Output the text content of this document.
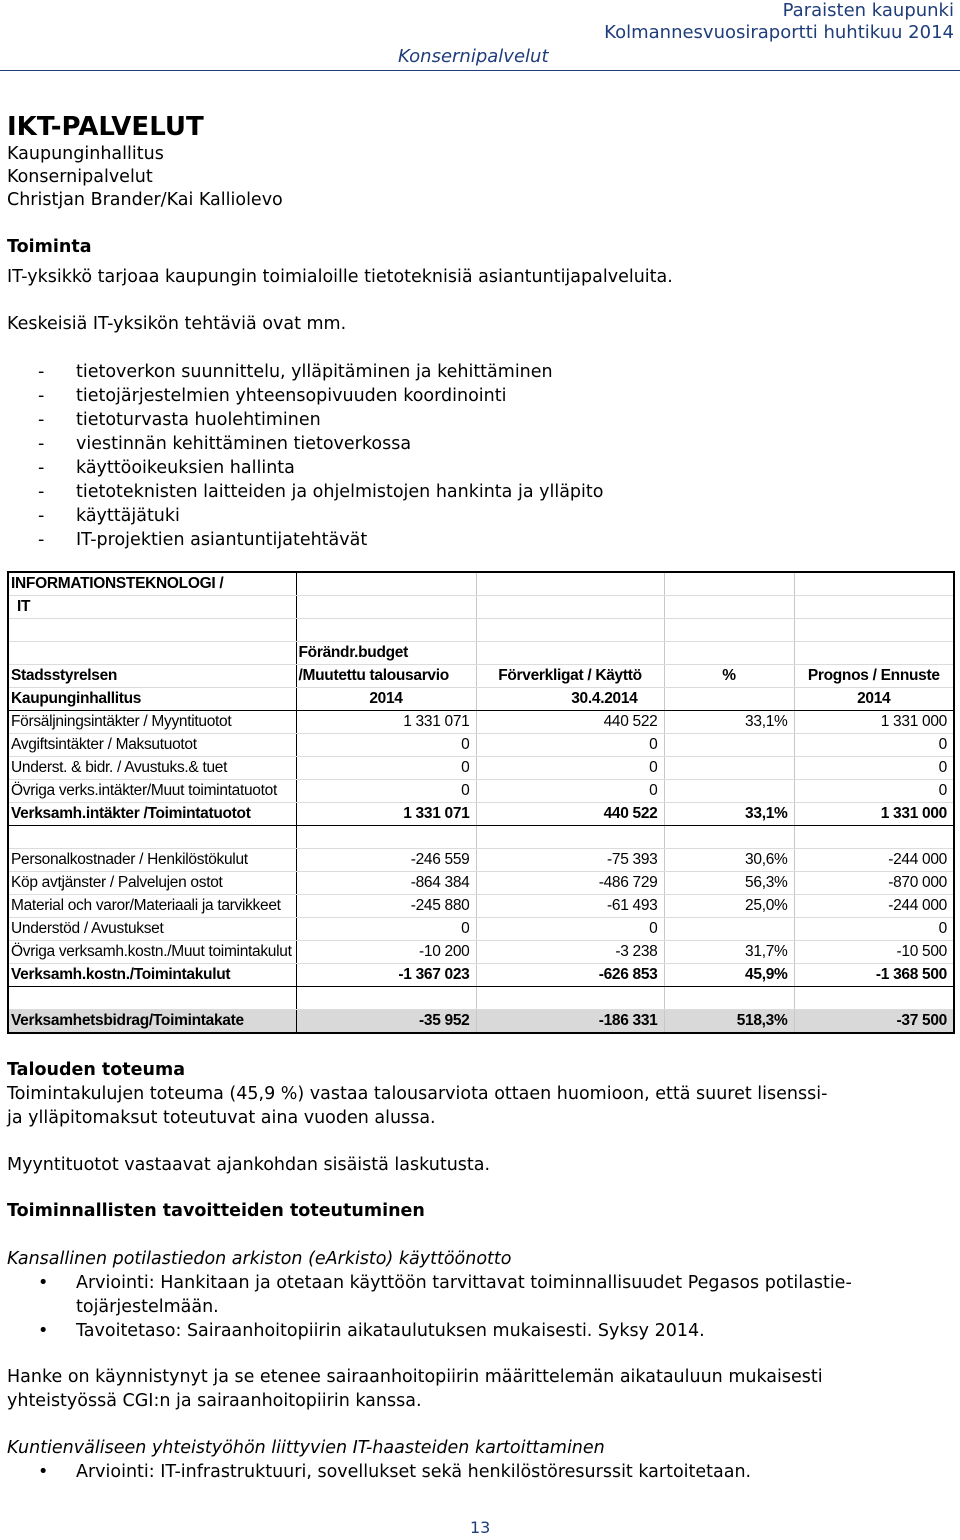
Paraisten kaupunki
Kolmannesvuosiraportti huhtikuu 2014
Konsernipalvelut
IKT-PALVELUT
Kaupunginhallitus
Konsernipalvelut
Christjan Brander/Kai Kalliolevo
Toiminta
IT-yksikkö tarjoaa kaupungin toimialoille tietoteknisiä asiantuntijapalveluita.
Keskeisiä IT-yksikön tehtäviä ovat mm.
- tietoverkon suunnittelu, ylläpitäminen ja kehittäminen
- tietojärjestelmien yhteensopivuuden koordinointi
- tietoturvasta huolehtiminen
- viestinnän kehittäminen tietoverkossa
- käyttöoikeuksien hallinta
- tietoteknisten laitteiden ja ohjelmistojen hankinta ja ylläpito
- käyttäjätuki
- IT-projektien asiantuntijatehtävät
INFORMATIONSTEKNOLOGI /				
IT				

	Förändr.budget			
Stadsstyrelsen	/Muutettu talousarvio	Förverkligat / Käyttö	%	Prognos / Ennuste
Kaupunginhallitus	2014	30.4.2014		2014
Försäljningsintäkter / Myyntituotot	1 331 071	440 522	33,1%	1 331 000
Avgiftsintäkter / Maksutuotot	0	0		0
Underst. & bidr. / Avustuks.& tuet	0	0		0
Övriga verks.intäkter/Muut toimintatuotot	0	0		0
Verksamh.intäkter /Toimintatuotot	1 331 071	440 522	33,1%	1 331 000

Personalkostnader / Henkilöstökulut	-246 559	-75 393	30,6%	-244 000
Köp avtjänster / Palvelujen ostot	-864 384	-486 729	56,3%	-870 000
Material och varor/Materiaali ja tarvikkeet	-245 880	-61 493	25,0%	-244 000
Understöd / Avustukset	0	0		0
Övriga verksamh.kostn./Muut toimintakulut	-10 200	-3 238	31,7%	-10 500
Verksamh.kostn./Toimintakulut	-1 367 023	-626 853	45,9%	-1 368 500

Verksamhetsbidrag/Toimintakate	-35 952	-186 331	518,3%	-37 500
Talouden toteuma
Toimintakulujen toteuma (45,9 %) vastaa talousarviota ottaen huomioon, että suuret lisenssi-
ja ylläpitomaksut toteutuvat aina vuoden alussa.
Myyntituotot vastaavat ajankohdan sisäistä laskutusta.
Toiminnallisten tavoitteiden toteutuminen
Kansallinen potilastiedon arkiston (eArkisto) käyttöönotto
• Arviointi: Hankitaan ja otetaan käyttöön tarvittavat toiminnallisuudet Pegasos potilastie-
tojärjestelmään.
• Tavoitetaso: Sairaanhoitopiirin aikataulutuksen mukaisesti. Syksy 2014.
Hanke on käynnistynyt ja se etenee sairaanhoitopiirin määrittelemän aikatauluun mukaisesti
yhteistyössä CGI:n ja sairaanhoitopiirin kanssa.
Kuntienväliseen yhteistyöhön liittyvien IT-haasteiden kartoittaminen
• Arviointi: IT-infrastruktuuri, sovellukset sekä henkilöstöresurssit kartoitetaan.
13
